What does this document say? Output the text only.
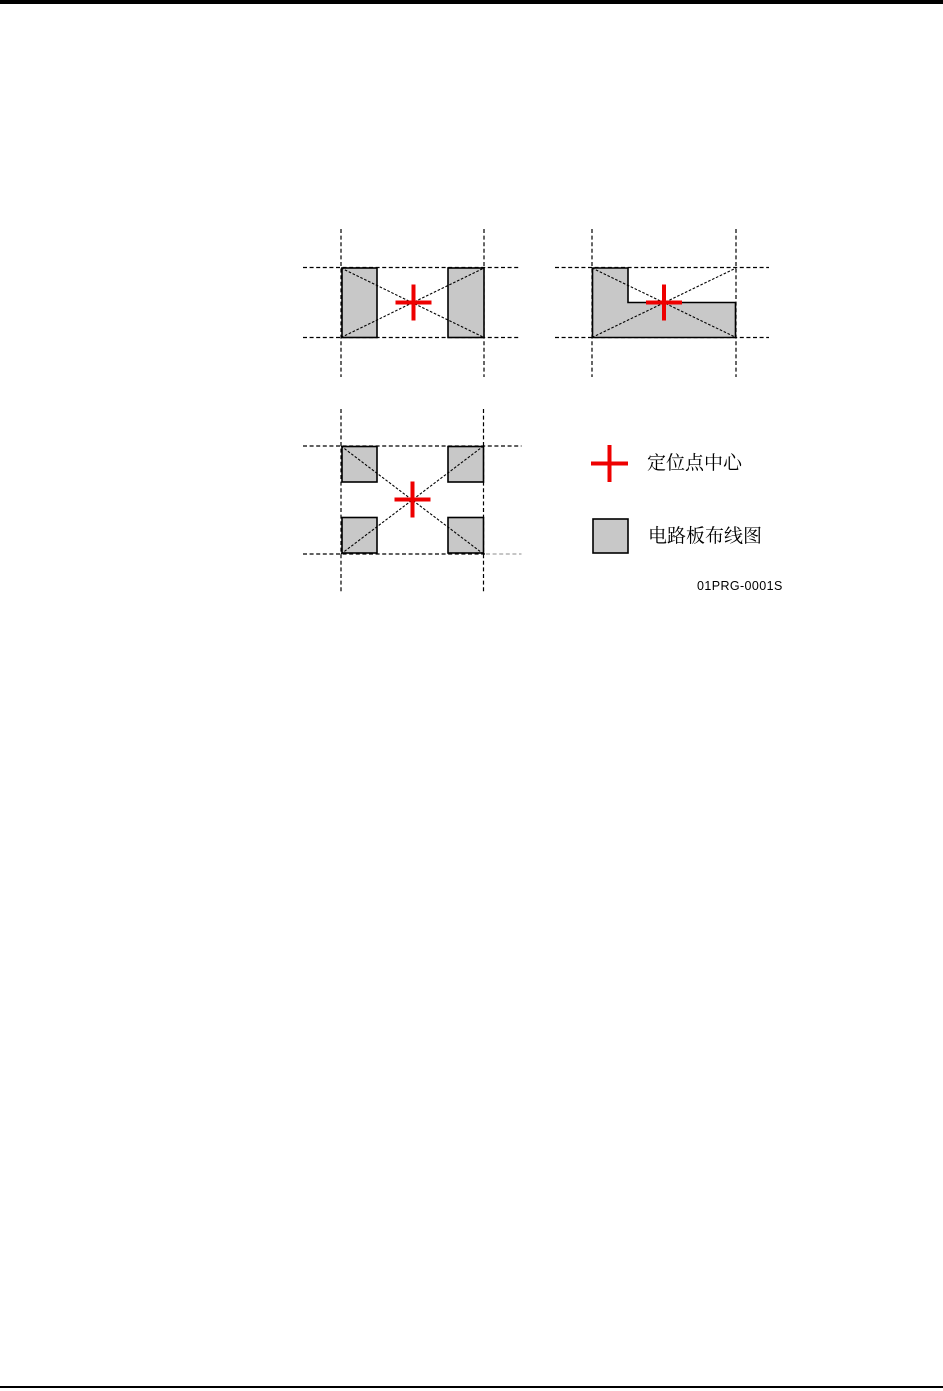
定位点中心
电路板布线图
01PRG-0001S
